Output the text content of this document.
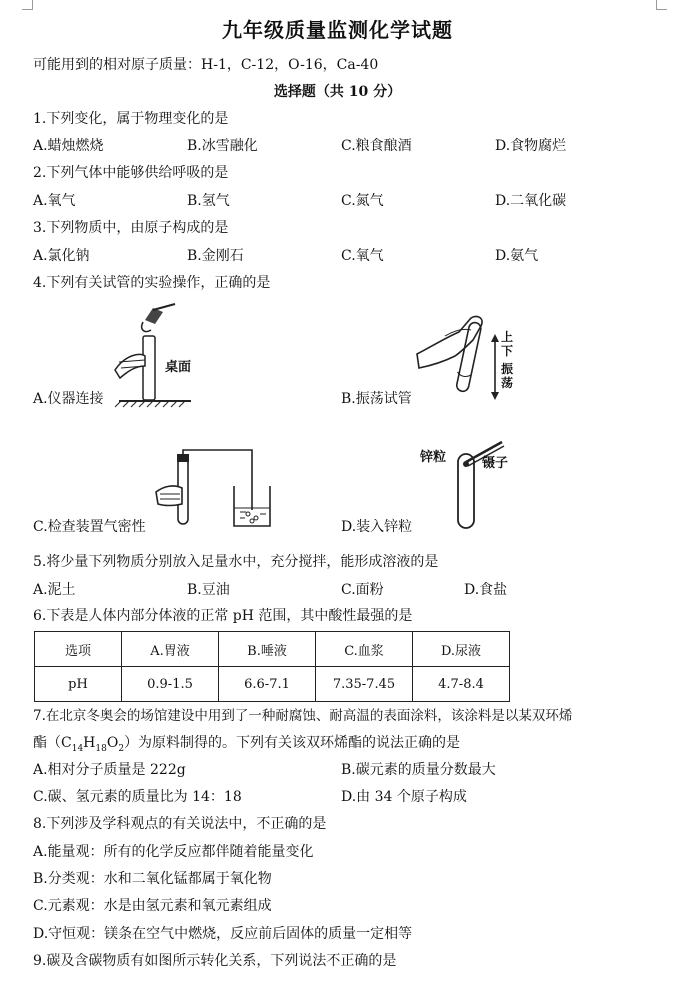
九年级质量监测化学试题
可能用到的相对原子质量：H-1，C-12，O-16，Ca-40
选择题（共 10 分）
1.下列变化，属于物理变化的是
A.蜡烛燃烧	B.冰雪融化	C.粮食酿酒	D.食物腐烂
2.下列气体中能够供给呼吸的是
A.氧气	B.氢气	C.氮气	D.二氧化碳
3.下列物质中，由原子构成的是
A.氯化钠	B.金刚石	C.氧气	D.氨气
4.下列有关试管的实验操作，正确的是
桌面
A.仪器连接
上
下
振
荡
B.振荡试管
C.检查装置气密性
锌粒	镊子
D.装入锌粒
5.将少量下列物质分别放入足量水中，充分搅拌，能形成溶液的是
A.泥土	B.豆油	C.面粉	D.食盐
6.下表是人体内部分体液的正常 pH 范围，其中酸性最强的是
选项	A.胃液	B.唾液	C.血浆	D.尿液
pH	0.9-1.5	6.6-7.1	7.35-7.45	4.7-8.4
7.在北京冬奥会的场馆建设中用到了一种耐腐蚀、耐高温的表面涂料，该涂料是以某双环烯
酯$(C_{14}H_{18}O_2)$为原料制得的。下列有关该双环烯酯的说法正确的是
A.相对分子质量是 222g	B.碳元素的质量分数最大
C.碳、氢元素的质量比为 14：18	D.由 34 个原子构成
8.下列涉及学科观点的有关说法中，不正确的是
A.能量观：所有的化学反应都伴随着能量变化
B.分类观：水和二氧化锰都属于氧化物
C.元素观：水是由氢元素和氧元素组成
D.守恒观：镁条在空气中燃烧，反应前后固体的质量一定相等
9.碳及含碳物质有如图所示转化关系，下列说法不正确的是
